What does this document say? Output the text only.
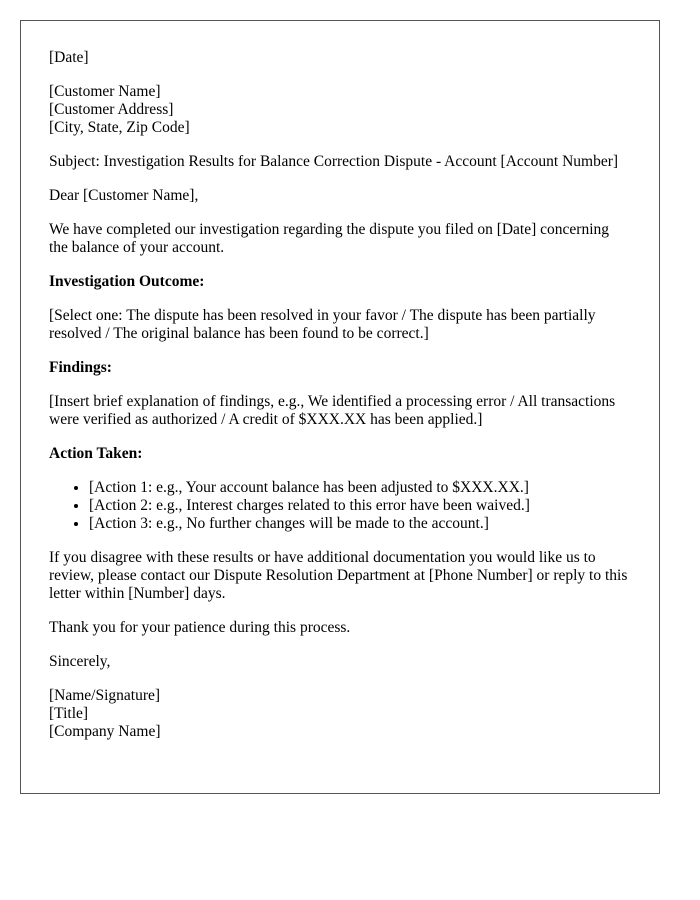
[Date]

[Customer Name]
[Customer Address]
[City, State, Zip Code]

Subject: Investigation Results for Balance Correction Dispute - Account [Account Number]

Dear [Customer Name],

We have completed our investigation regarding the dispute you filed on [Date] concerning the balance of your account.

Investigation Outcome:

[Select one: The dispute has been resolved in your favor / The dispute has been partially resolved / The original balance has been found to be correct.]

Findings:

[Insert brief explanation of findings, e.g., We identified a processing error / All transactions were verified as authorized / A credit of $XXX.XX has been applied.]

Action Taken:

• [Action 1: e.g., Your account balance has been adjusted to $XXX.XX.]
• [Action 2: e.g., Interest charges related to this error have been waived.]
• [Action 3: e.g., No further changes will be made to the account.]

If you disagree with these results or have additional documentation you would like us to review, please contact our Dispute Resolution Department at [Phone Number] or reply to this letter within [Number] days.

Thank you for your patience during this process.

Sincerely,

[Name/Signature]
[Title]
[Company Name]
